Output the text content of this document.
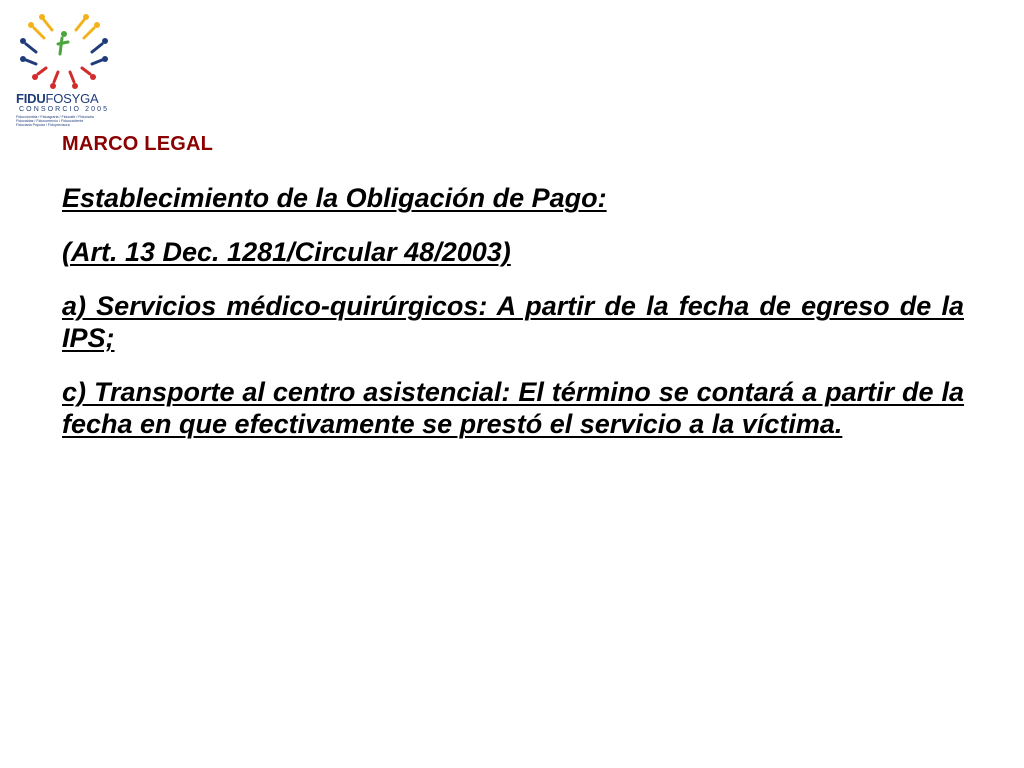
FIDUFOSYGA
CONSORCIO 2005
Fiducolombia / Fiduagraria / Fiducafe / Fiduciaria
Fiducaldas / Fiducomercio / Fiduoccidente
Fiduciaria Popular / Fiduprevisora
MARCO LEGAL

Establecimiento de la Obligación de Pago:

(Art. 13 Dec. 1281/Circular 48/2003)

a) Servicios médico-quirúrgicos: A partir de la fecha de egreso de la IPS;

c) Transporte al centro asistencial: El término se contará a partir de la fecha en que efectivamente se prestó el servicio a la víctima.
